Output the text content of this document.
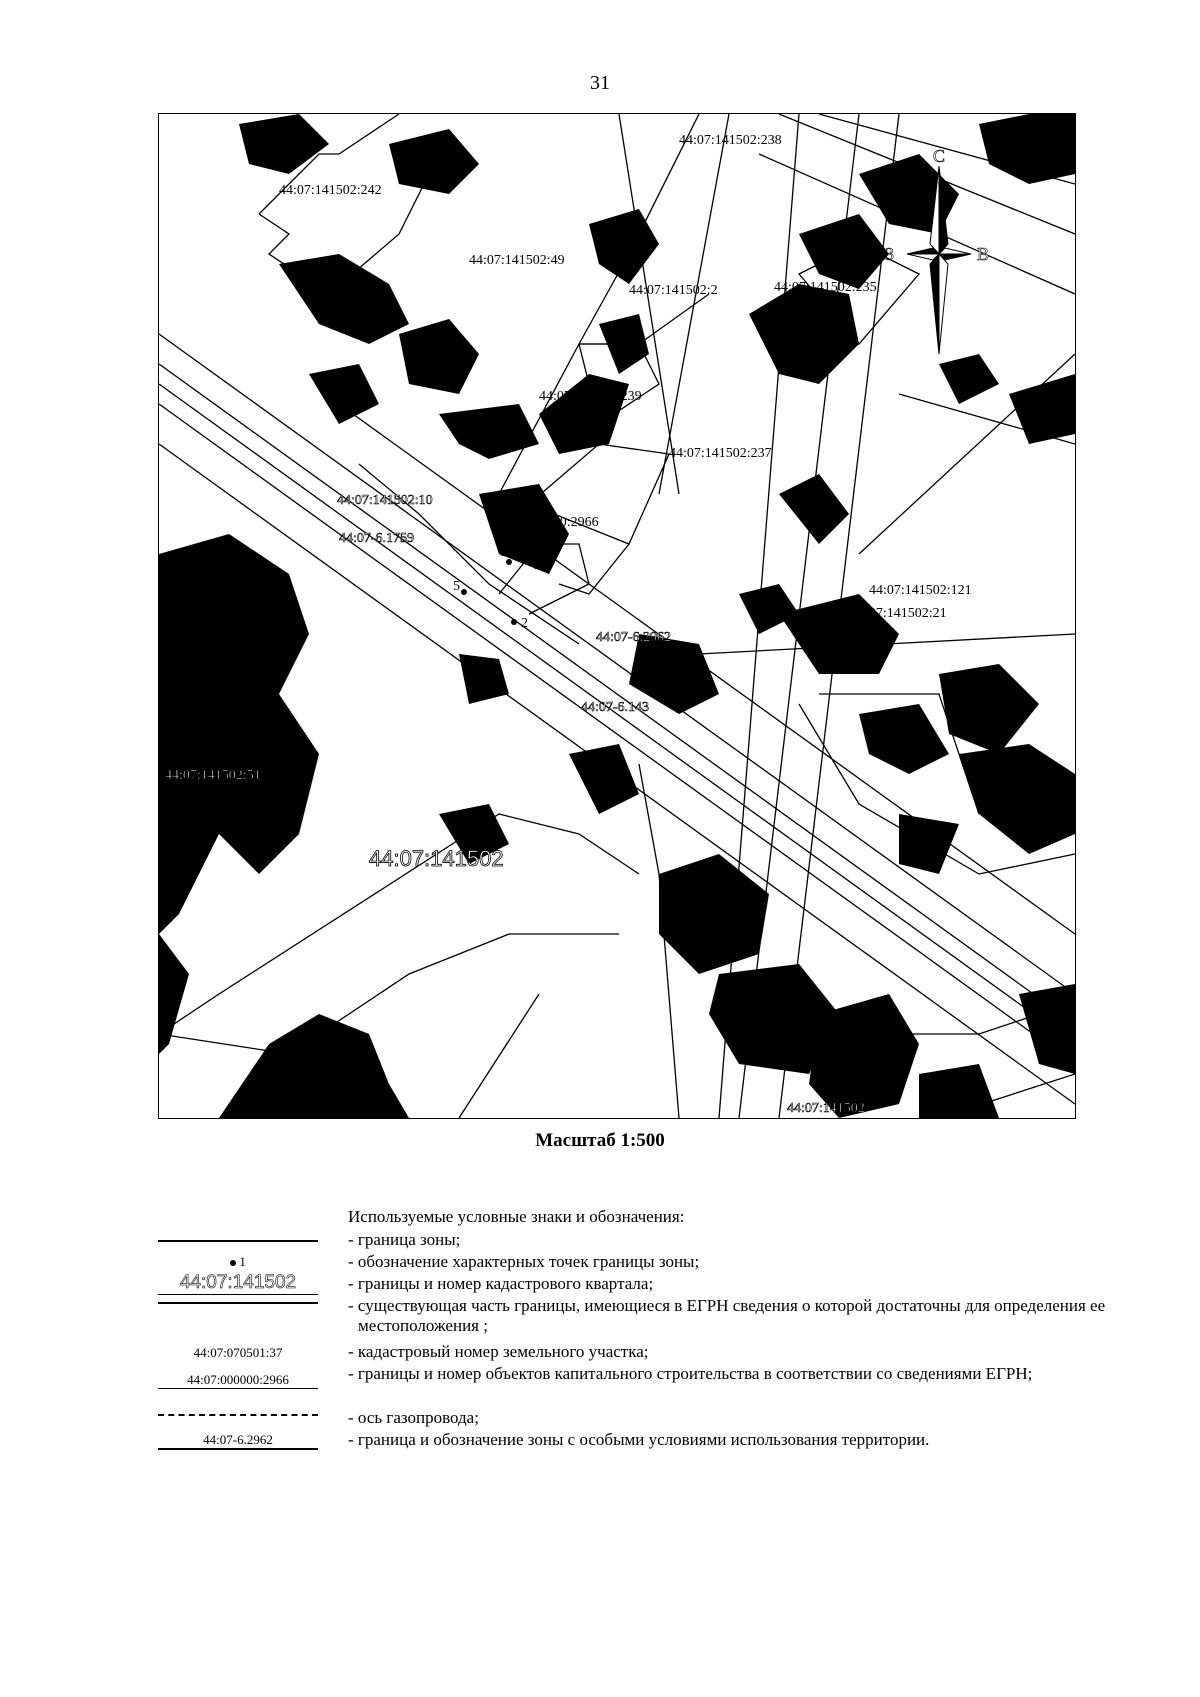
31
1
2
5
6
44:07:141502:242
44:07:141502:238
44:07:141502:49
44:07:141502:2	44:07:141502:235
44:07:141502:239
44:07:141502:237
44:07:141502:10
44:07:000000:2966
44:07-6.1759
44:07:141502:121
44:07:141502:21
44:07-6.2962
44:07-6.143
44:07:141502:51
44:07:141502
44:07:141502
С
З	В
Масштаб 1:500
Используемые условные знаки и обозначения:
1
44:07:141502
44:07:070501:37
44:07:000000:2966
44:07-6.2962
- граница зоны;
- обозначение характерных точек границы зоны;
- границы и номер кадастрового квартала;
- существующая часть границы, имеющиеся в ЕГРН сведения о которой достаточны для определения ее местоположения ;
- кадастровый номер земельного участка;
- границы и номер объектов капитального строительства в соответствии со сведениями ЕГРН;
- ось газопровода;
- граница и обозначение зоны с особыми условиями использования территории.
